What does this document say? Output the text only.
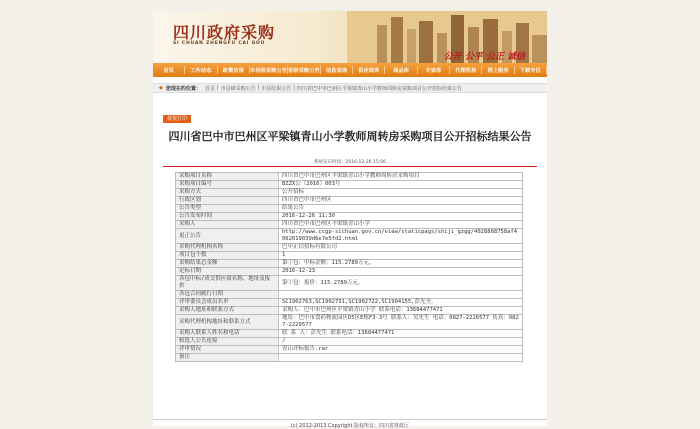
四川政府采购
SI CHUAN ZHENGFU CAI GOU
公开 公平 公正 诚信
首页	工作动态	政策法规	市县级采购公告 省级采购公告	信息查询	供应商库	商品库	专家库	代理机构	网上服务	下载专区
◆ 您现在的位置： 首页 | 市县级采购公告 | 市县结果公告 | 四川省巴中市巴州区平梁镇青山小学教师周转房采购项目公开招标结果公告
我要打印
四川省巴中市巴州区平梁镇青山小学教师周转房采购项目公开招标结果公告
系统发布时间：2016-12-26 15:06
采购项目名称	四川省巴中市巴州区平梁镇青山小学教师周转房采购项目
采购项目编号	BZZX公（2016）003号
采购方式	公开招标
行政区划	四川省巴中市巴州区
公告类型	结果公告
公告发布时间	2016-12-26 11:30
采购人	四川省巴中市巴州区平梁镇青山小学
更正公告	http://www.ccgp-sichuan.gov.cn/view/staticpags/shiji_gzgg/4028868758af4062019039d6e7e5fd2.html
采购代理机构名称	巴中正信招标有限公司
项目包个数	1
采购结果总金额	第①包：中标金额：115.2789万元。
定标日期	2016-12-23
各包中标/成交供应商名称、地址及报价	第①包：报价：115.2789万元。
各包合同履行日期	
评审委员会成员名单	SC1902763,SC1902731,SC1902722,SC1904155,彭光全。
采购人地址和联系方式	采购人：巴中市巴州区平梁镇青山小学 联系电话：13684477471
采购代理机构地址和联系方式	地址：巴中市食药物流园区D5区E栋F3-3号 联系人：吴先生 电话：0827-2226577 传真：0827-2229577
采购人联系人姓名和电话	联 系 人：彭先生 联系电话：13684477471
候选人公告连接	/
评审情况	青山评标报告.rar
备注	
(c) 2012-2013 Copyright 版权所有：四川省财政厅
